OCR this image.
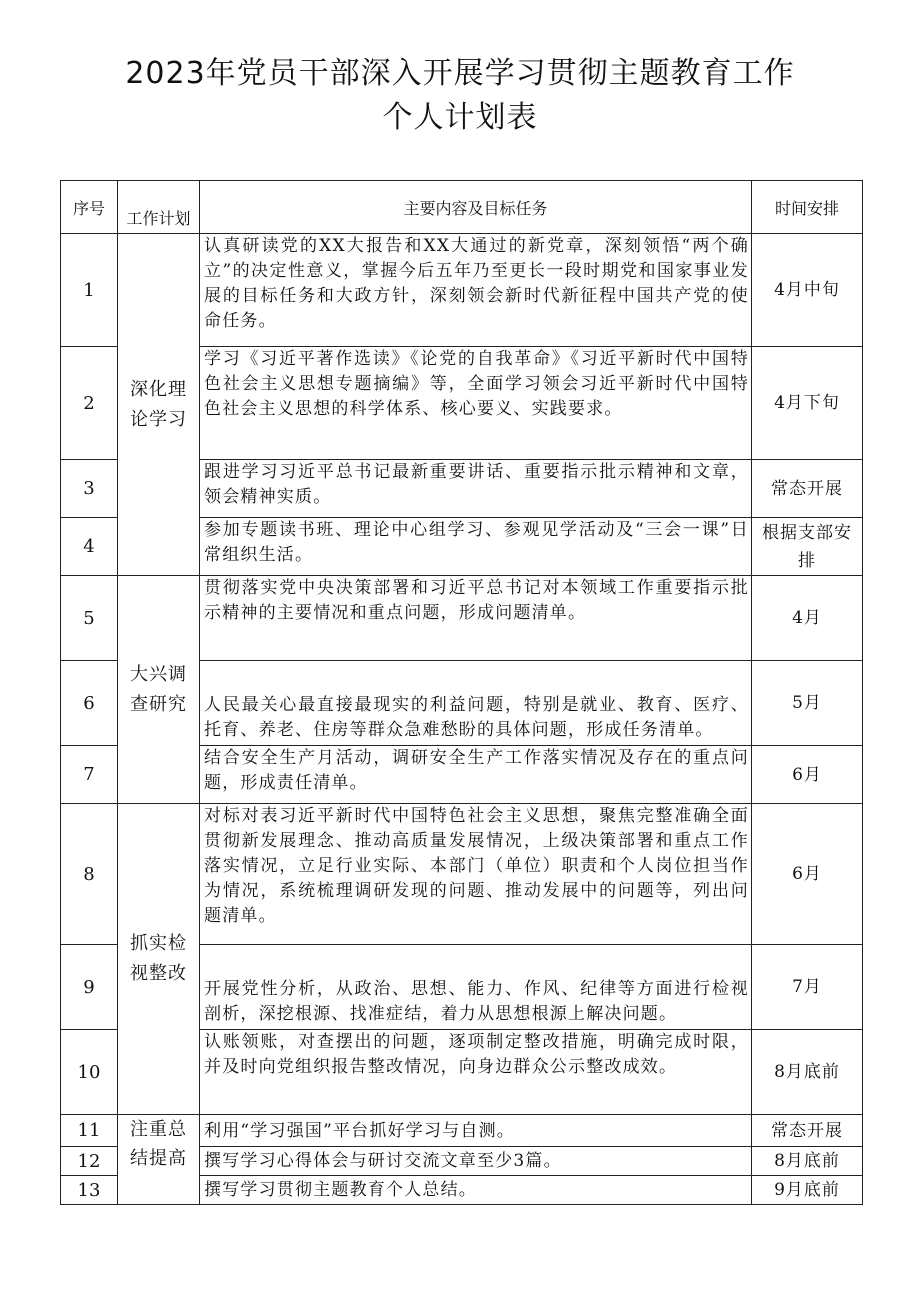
2023年党员干部深入开展学习贯彻主题教育工作
个人计划表
序号	工作计划	主要内容及目标任务	时间安排
1	深化理论学习	认真研读党的XX大报告和XX大通过的新党章，深刻领悟“两个确立”的决定性意义，掌握今后五年乃至更长一段时期党和国家事业发展的目标任务和大政方针，深刻领会新时代新征程中国共产党的使命任务。	4月中旬
2		学习《习近平著作选读》《论党的自我革命》《习近平新时代中国特色社会主义思想专题摘编》等，全面学习领会习近平新时代中国特色社会主义思想的科学体系、核心要义、实践要求。	4月下旬
3		跟进学习习近平总书记最新重要讲话、重要指示批示精神和文章，领会精神实质。	常态开展
4		参加专题读书班、理论中心组学习、参观见学活动及“三会一课”日常组织生活。	根据支部安排
5	大兴调查研究	贯彻落实党中央决策部署和习近平总书记对本领域工作重要指示批示精神的主要情况和重点问题，形成问题清单。	4月
6		人民最关心最直接最现实的利益问题，特别是就业、教育、医疗、托育、养老、住房等群众急难愁盼的具体问题，形成任务清单。	5月
7		结合安全生产月活动，调研安全生产工作落实情况及存在的重点问题，形成责任清单。	6月
8	抓实检视整改	对标对表习近平新时代中国特色社会主义思想，聚焦完整准确全面贯彻新发展理念、推动高质量发展情况，上级决策部署和重点工作落实情况，立足行业实际、本部门（单位）职责和个人岗位担当作为情况，系统梳理调研发现的问题、推动发展中的问题等，列出问题清单。	6月
9		开展党性分析，从政治、思想、能力、作风、纪律等方面进行检视剖析，深挖根源、找准症结，着力从思想根源上解决问题。	7月
10		认账领账，对查摆出的问题，逐项制定整改措施，明确完成时限，并及时向党组织报告整改情况，向身边群众公示整改成效。	8月底前
11	注重总结提高	利用“学习强国”平台抓好学习与自测。	常态开展
12		撰写学习心得体会与研讨交流文章至少3篇。	8月底前
13		撰写学习贯彻主题教育个人总结。	9月底前
